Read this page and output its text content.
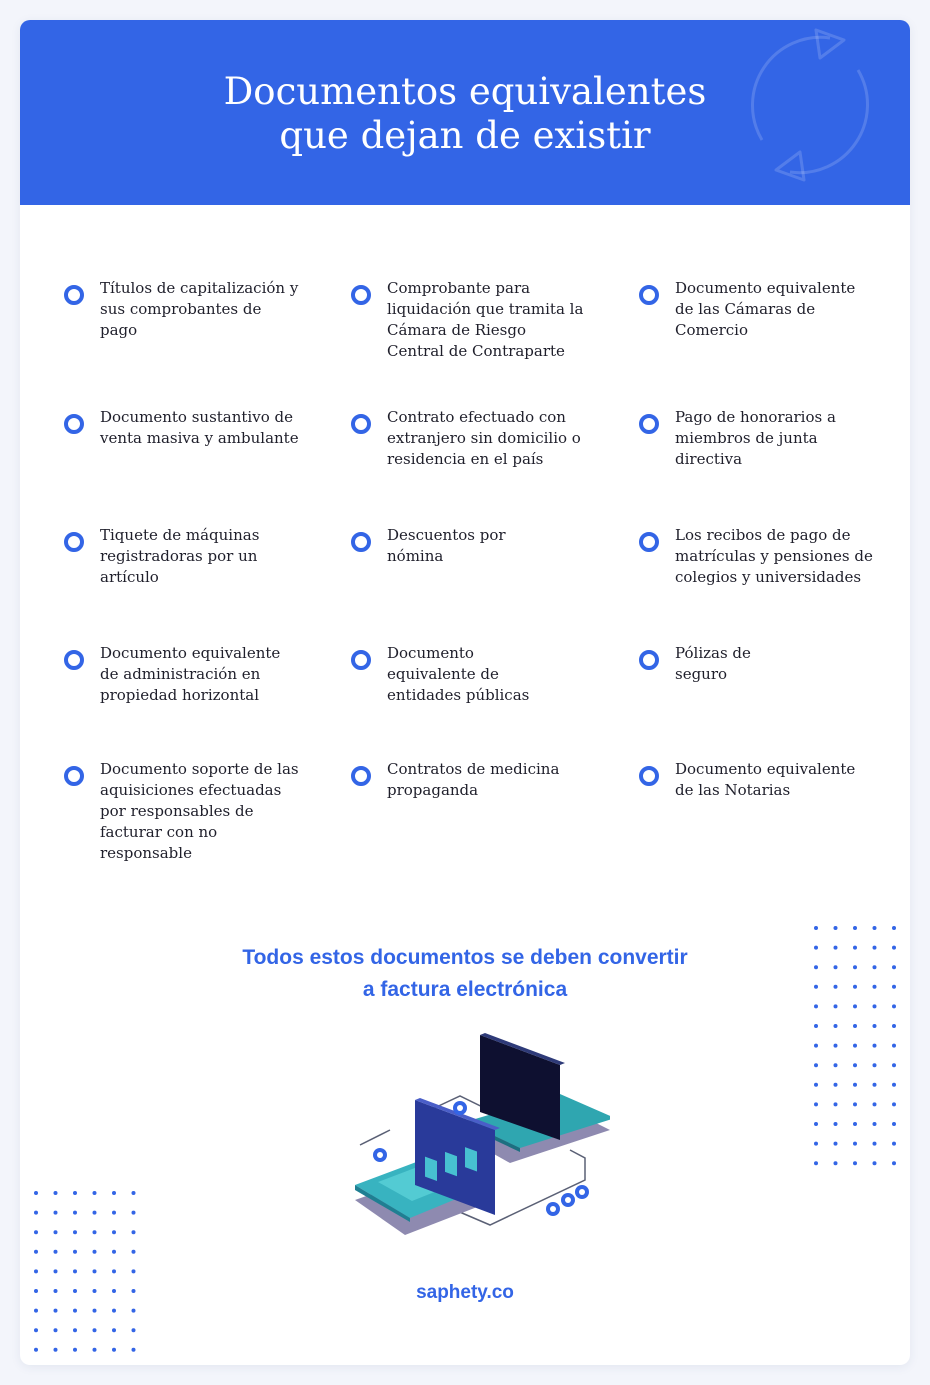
Documentos equivalentes
que dejan de existir
Títulos de capitalización y sus comprobantes de pago
Comprobante para liquidación que tramita la Cámara de Riesgo Central de Contraparte
Documento equivalente de las Cámaras de Comercio
Documento sustantivo de venta masiva y ambulante
Contrato efectuado con extranjero sin domicilio o residencia en el país
Pago de honorarios a miembros de junta directiva
Tiquete de máquinas registradoras por un artículo
Descuentos por nómina
Los recibos de pago de matrículas y pensiones de colegios y universidades
Documento equivalente de administración en propiedad horizontal
Documento equivalente de entidades públicas
Pólizas de seguro
Documento soporte de las aquisiciones efectuadas por responsables de facturar con no responsable
Contratos de medicina propaganda
Documento equivalente de las Notarias
Todos estos documentos se deben convertir
a factura electrónica
saphety.co
